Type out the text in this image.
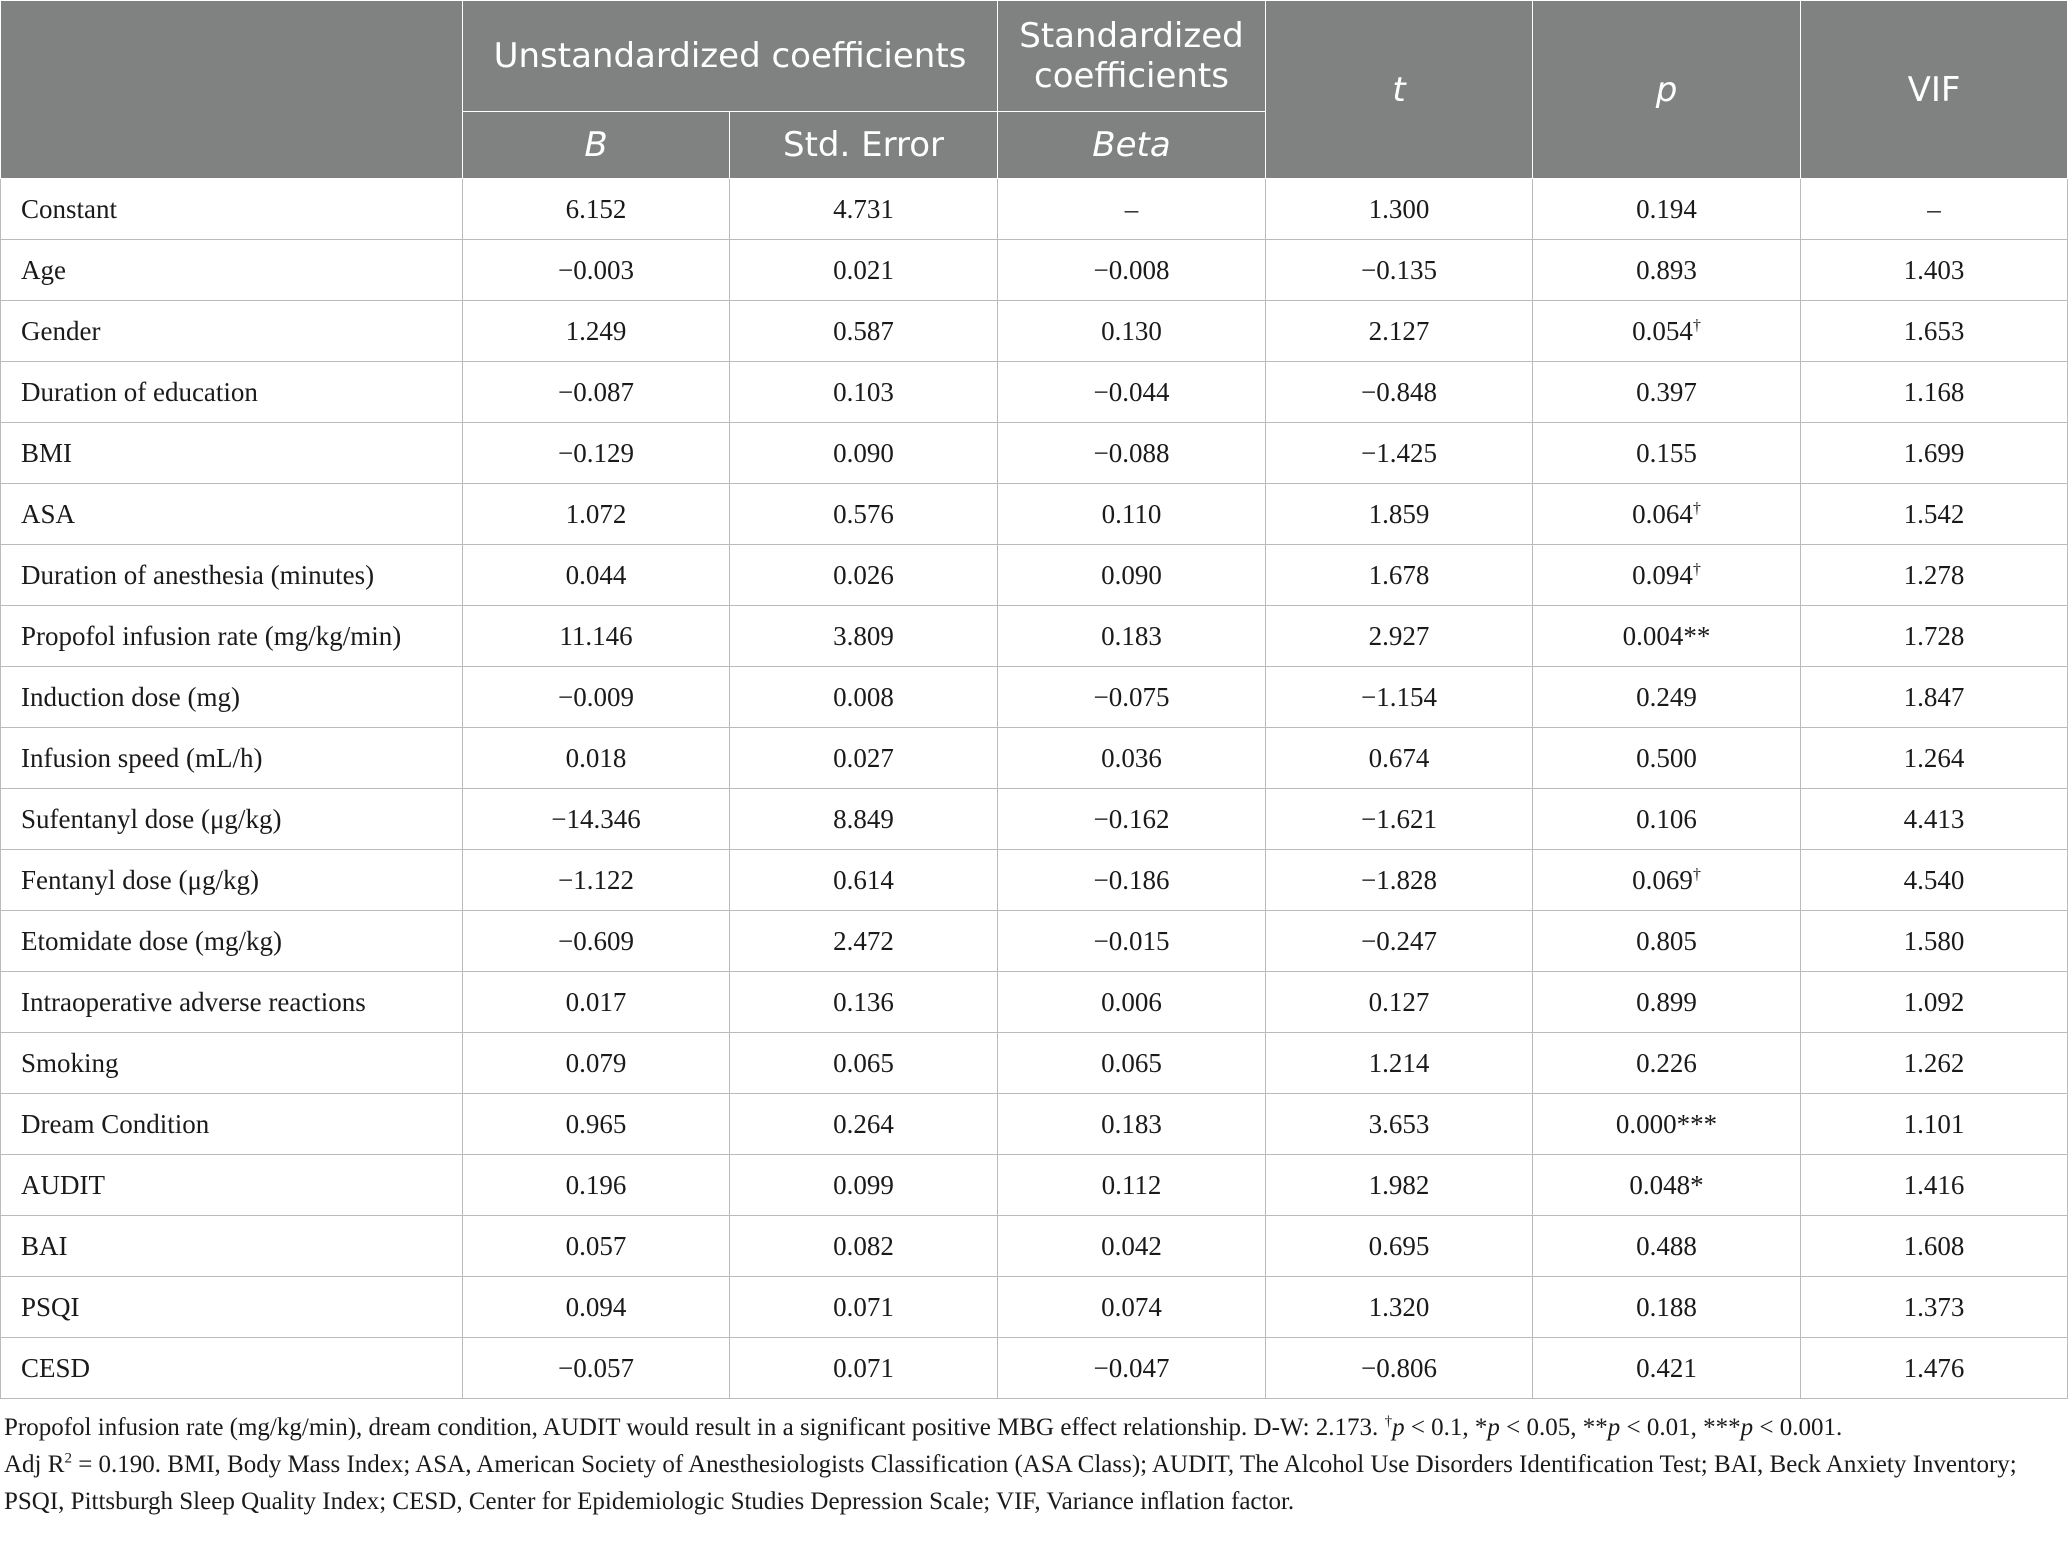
	Unstandardized coefficients		Standardized coefficients	t	p	VIF
	B	Std. Error	Beta			
Constant	6.152	4.731	–	1.300	0.194	–
Age	−0.003	0.021	−0.008	−0.135	0.893	1.403
Gender	1.249	0.587	0.130	2.127	0.054†	1.653
Duration of education	−0.087	0.103	−0.044	−0.848	0.397	1.168
BMI	−0.129	0.090	−0.088	−1.425	0.155	1.699
ASA	1.072	0.576	0.110	1.859	0.064†	1.542
Duration of anesthesia (minutes)	0.044	0.026	0.090	1.678	0.094†	1.278
Propofol infusion rate (mg/kg/min)	11.146	3.809	0.183	2.927	0.004**	1.728
Induction dose (mg)	−0.009	0.008	−0.075	−1.154	0.249	1.847
Infusion speed (mL/h)	0.018	0.027	0.036	0.674	0.500	1.264
Sufentanyl dose (μg/kg)	−14.346	8.849	−0.162	−1.621	0.106	4.413
Fentanyl dose (μg/kg)	−1.122	0.614	−0.186	−1.828	0.069†	4.540
Etomidate dose (mg/kg)	−0.609	2.472	−0.015	−0.247	0.805	1.580
Intraoperative adverse reactions	0.017	0.136	0.006	0.127	0.899	1.092
Smoking	0.079	0.065	0.065	1.214	0.226	1.262
Dream Condition	0.965	0.264	0.183	3.653	0.000***	1.101
AUDIT	0.196	0.099	0.112	1.982	0.048*	1.416
BAI	0.057	0.082	0.042	0.695	0.488	1.608
PSQI	0.094	0.071	0.074	1.320	0.188	1.373
CESD	−0.057	0.071	−0.047	−0.806	0.421	1.476

Propofol infusion rate (mg/kg/min), dream condition, AUDIT would result in a significant positive MBG effect relationship. D-W: 2.173. †p < 0.1, *p < 0.05, **p < 0.01, ***p < 0.001.

Adj $R^2 = 0.190$. BMI, Body Mass Index; ASA, American Society of Anesthesiologists Classification (ASA Class); AUDIT, The Alcohol Use Disorders Identification Test; BAI, Beck Anxiety Inventory; PSQI, Pittsburgh Sleep Quality Index; CESD, Center for Epidemiologic Studies Depression Scale; VIF, Variance inflation factor.
